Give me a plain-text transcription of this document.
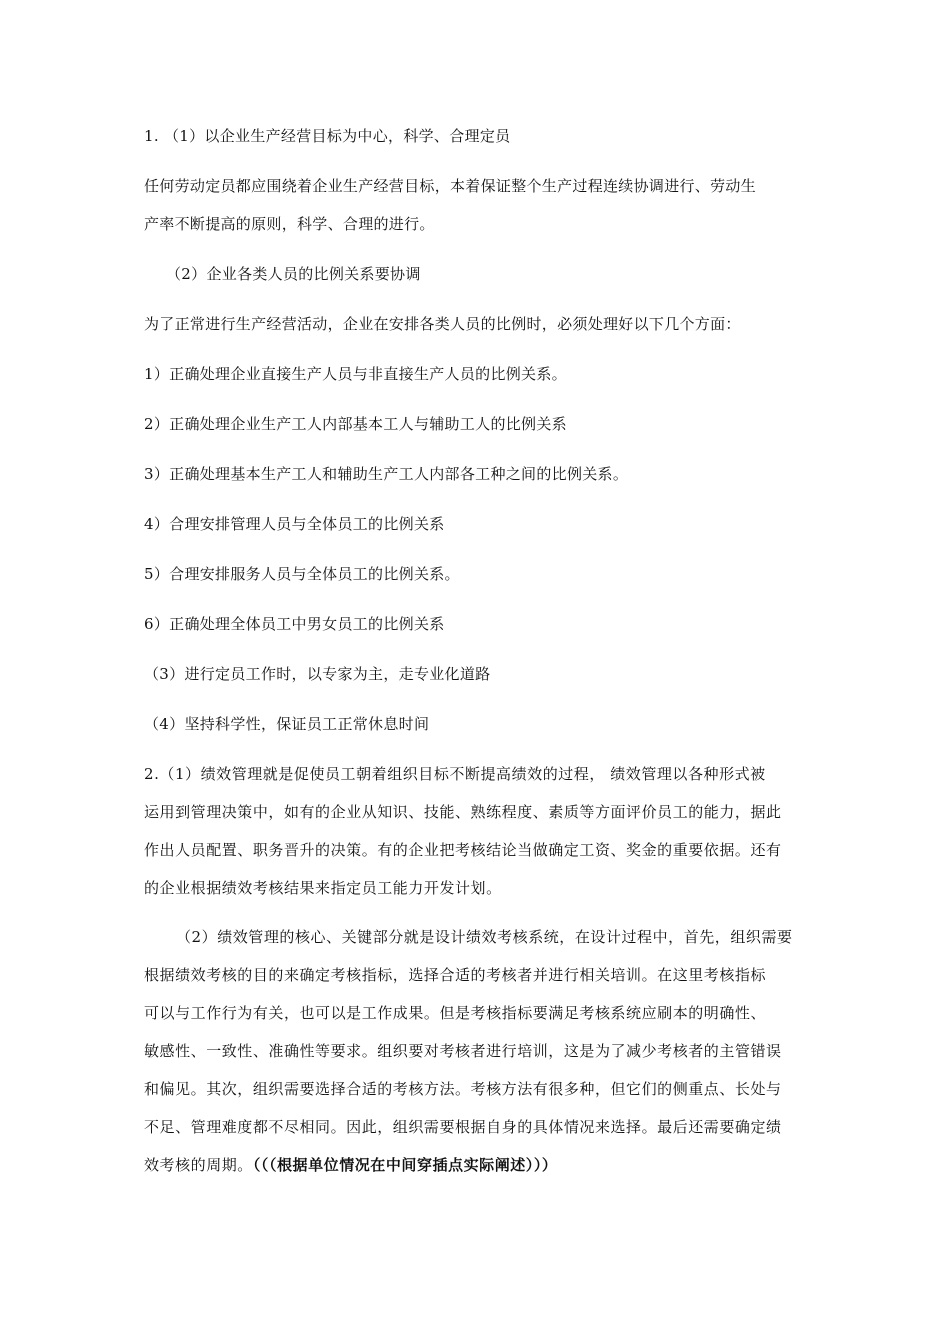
1. （1）以企业生产经营目标为中心，科学、合理定员
任何劳动定员都应围绕着企业生产经营目标，本着保证整个生产过程连续协调进行、劳动生
产率不断提高的原则，科学、合理的进行。
（2）企业各类人员的比例关系要协调
为了正常进行生产经营活动，企业在安排各类人员的比例时，必须处理好以下几个方面：
1）正确处理企业直接生产人员与非直接生产人员的比例关系。
2）正确处理企业生产工人内部基本工人与辅助工人的比例关系
3）正确处理基本生产工人和辅助生产工人内部各工种之间的比例关系。
4）合理安排管理人员与全体员工的比例关系
5）合理安排服务人员与全体员工的比例关系。
6）正确处理全体员工中男女员工的比例关系
（3）进行定员工作时，以专家为主，走专业化道路
（4）坚持科学性，保证员工正常休息时间
2.（1）绩效管理就是促使员工朝着组织目标不断提高绩效的过程， 绩效管理以各种形式被
运用到管理决策中，如有的企业从知识、技能、熟练程度、素质等方面评价员工的能力，据此
作出人员配置、职务晋升的决策。有的企业把考核结论当做确定工资、奖金的重要依据。还有
的企业根据绩效考核结果来指定员工能力开发计划。
（2）绩效管理的核心、关键部分就是设计绩效考核系统，在设计过程中，首先，组织需要
根据绩效考核的目的来确定考核指标，选择合适的考核者并进行相关培训。在这里考核指标
可以与工作行为有关，也可以是工作成果。但是考核指标要满足考核系统应刷本的明确性、
敏感性、一致性、准确性等要求。组织要对考核者进行培训，这是为了减少考核者的主管错误
和偏见。其次，组织需要选择合适的考核方法。考核方法有很多种，但它们的侧重点、长处与
不足、管理难度都不尽相同。因此，组织需要根据自身的具体情况来选择。最后还需要确定绩
效考核的周期。（（（根据单位情况在中间穿插点实际阐述）））
